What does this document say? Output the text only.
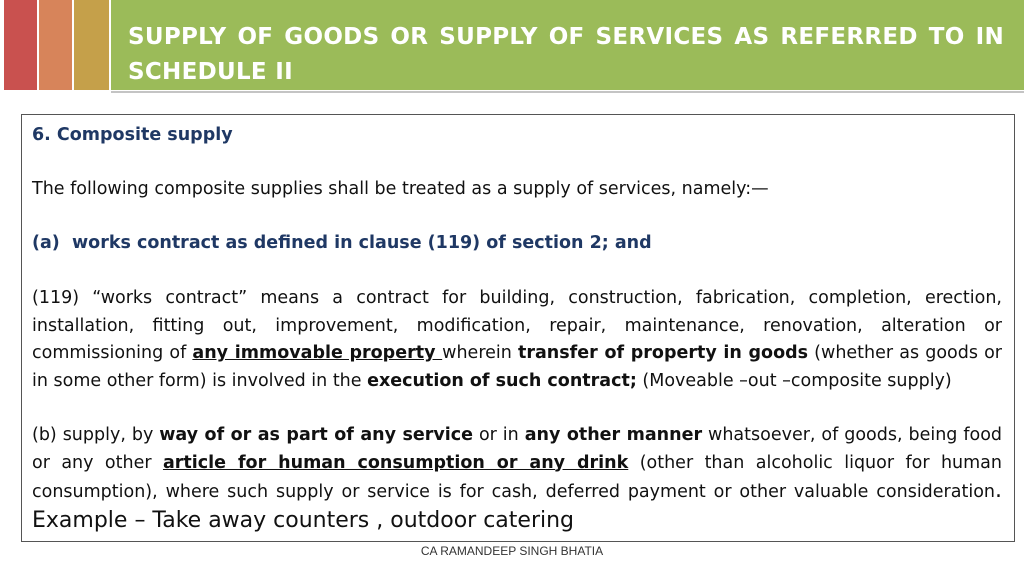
SUPPLY OF GOODS OR SUPPLY OF SERVICES AS REFERRED TO IN SCHEDULE II

6. Composite supply

The following composite supplies shall be treated as a supply of services, namely:—

(a) works contract as defined in clause (119) of section 2; and

(119) “works contract” means a contract for building, construction, fabrication, completion, erection, installation, fitting out, improvement, modification, repair, maintenance, renovation, alteration or commissioning of any immovable property wherein transfer of property in goods (whether as goods or in some other form) is involved in the execution of such contract; (Moveable –out –composite supply)

(b) supply, by way of or as part of any service or in any other manner whatsoever, of goods, being food or any other article for human consumption or any drink (other than alcoholic liquor for human consumption), where such supply or service is for cash, deferred payment or other valuable consideration. Example – Take away counters , outdoor catering

CA RAMANDEEP SINGH BHATIA
